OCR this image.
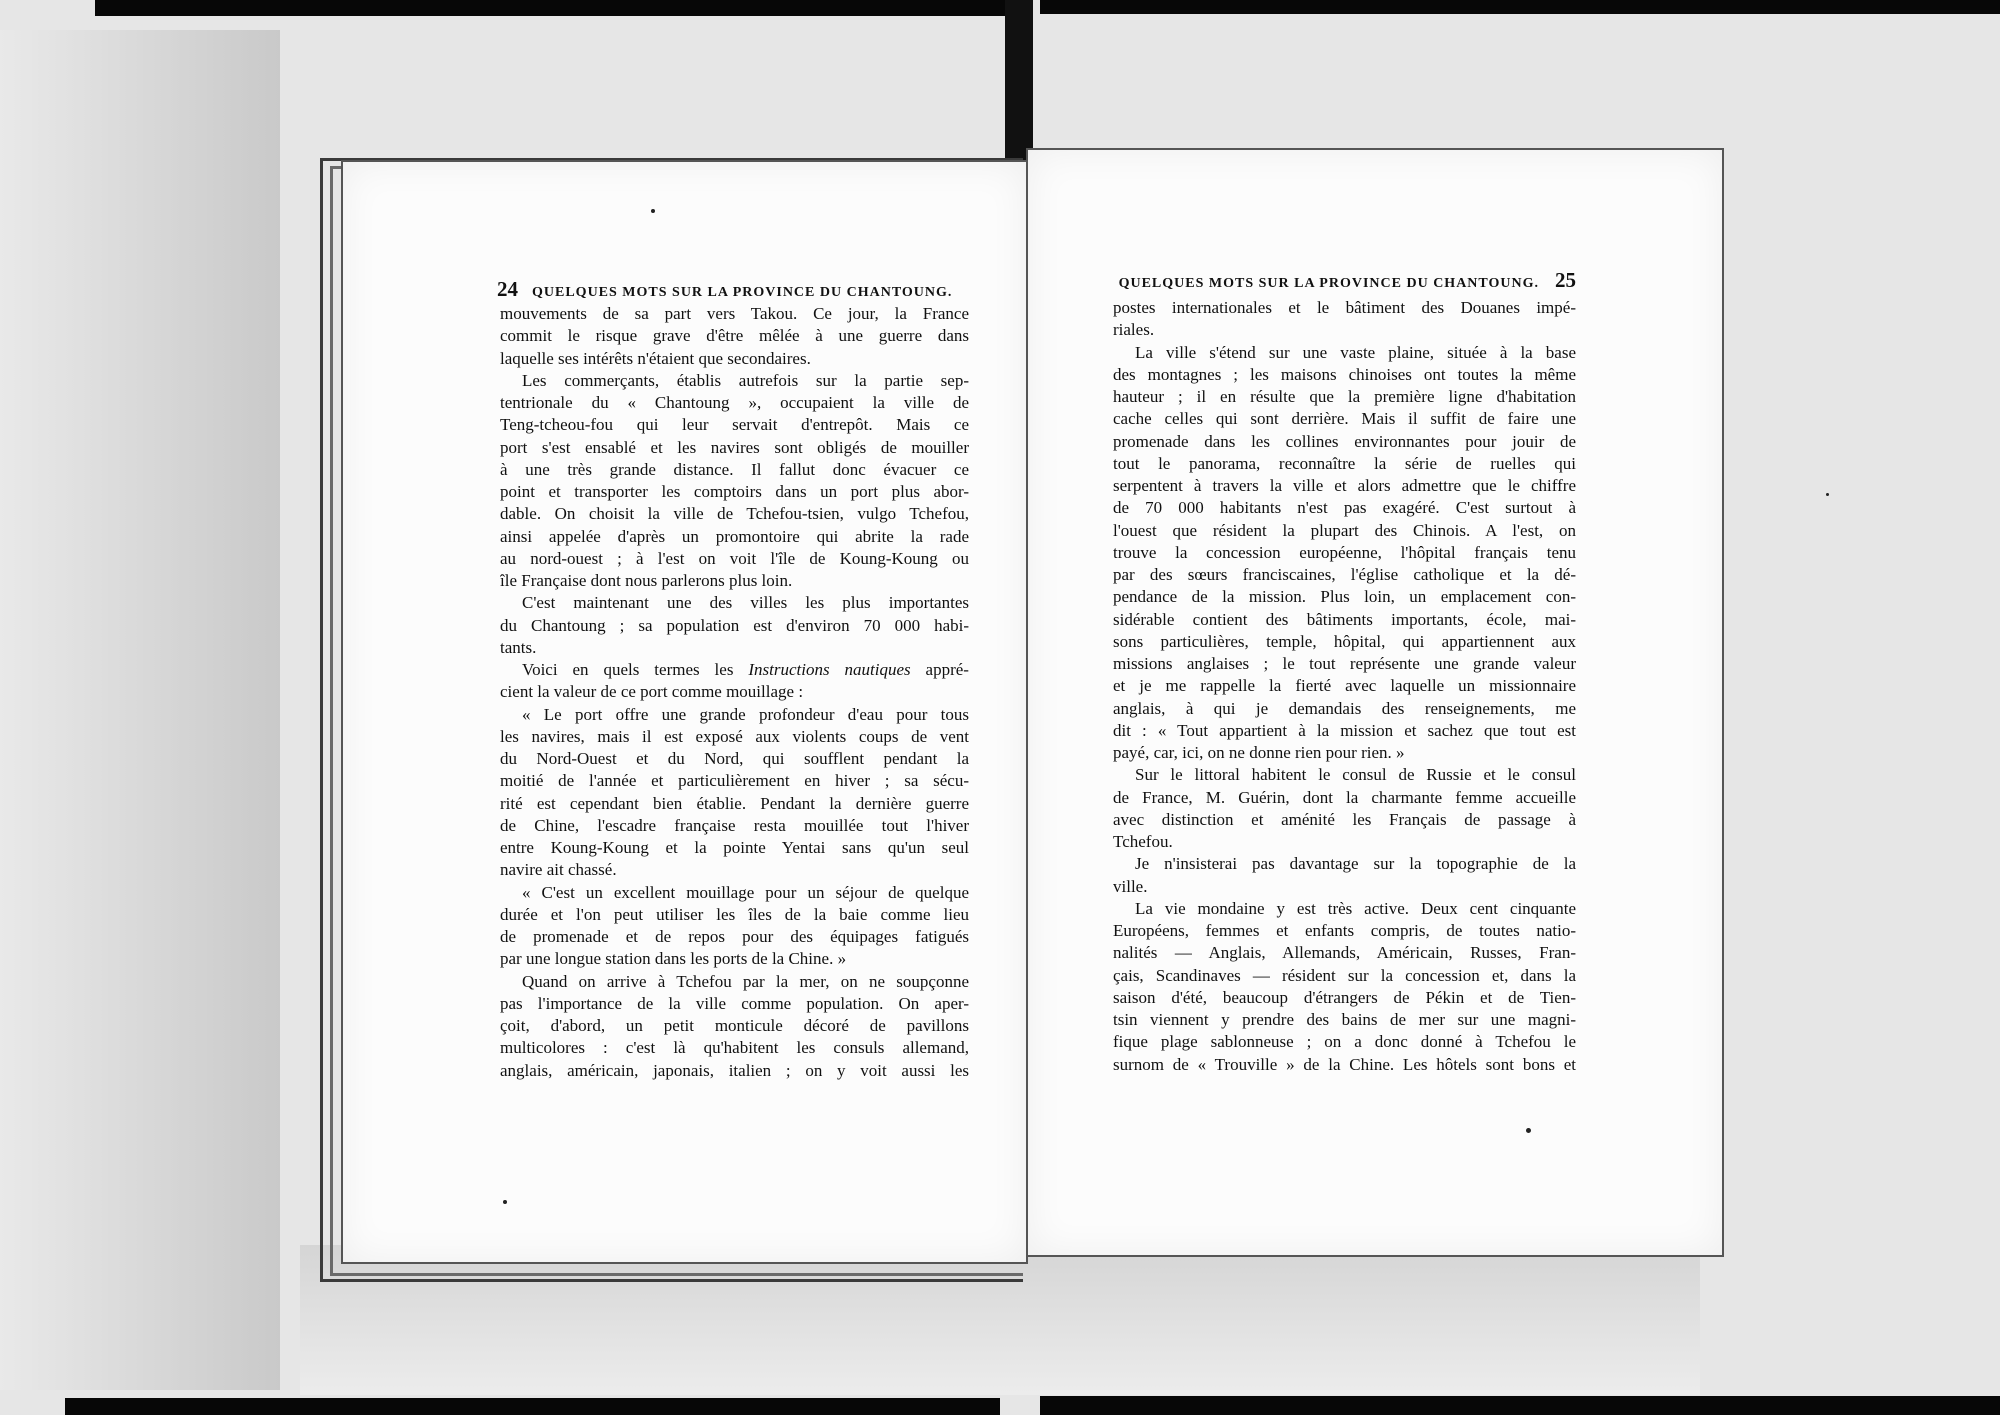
24 QUELQUES MOTS SUR LA PROVINCE DU CHANTOUNG.
mouvements de sa part vers Takou. Ce jour, la France
commit le risque grave d'être mêlée à une guerre dans
laquelle ses intérêts n'étaient que secondaires.
Les commerçants, établis autrefois sur la partie sep-
tentrionale du « Chantoung », occupaient la ville de
Teng-tcheou-fou qui leur servait d'entrepôt. Mais ce
port s'est ensablé et les navires sont obligés de mouiller
à une très grande distance. Il fallut donc évacuer ce
point et transporter les comptoirs dans un port plus abor-
dable. On choisit la ville de Tchefou-tsien, vulgo Tchefou,
ainsi appelée d'après un promontoire qui abrite la rade
au nord-ouest ; à l'est on voit l'île de Koung-Koung ou
île Française dont nous parlerons plus loin.
C'est maintenant une des villes les plus importantes
du Chantoung ; sa population est d'environ 70 000 habi-
tants.
Voici en quels termes les Instructions nautiques appré-
cient la valeur de ce port comme mouillage :
« Le port offre une grande profondeur d'eau pour tous
les navires, mais il est exposé aux violents coups de vent
du Nord-Ouest et du Nord, qui soufflent pendant la
moitié de l'année et particulièrement en hiver ; sa sécu-
rité est cependant bien établie. Pendant la dernière guerre
de Chine, l'escadre française resta mouillée tout l'hiver
entre Koung-Koung et la pointe Yentai sans qu'un seul
navire ait chassé.
« C'est un excellent mouillage pour un séjour de quelque
durée et l'on peut utiliser les îles de la baie comme lieu
de promenade et de repos pour des équipages fatigués
par une longue station dans les ports de la Chine. »
Quand on arrive à Tchefou par la mer, on ne soupçonne
pas l'importance de la ville comme population. On aper-
çoit, d'abord, un petit monticule décoré de pavillons
multicolores : c'est là qu'habitent les consuls allemand,
anglais, américain, japonais, italien ; on y voit aussi les
QUELQUES MOTS SUR LA PROVINCE DU CHANTOUNG. 25
postes internationales et le bâtiment des Douanes impé-
riales.
La ville s'étend sur une vaste plaine, située à la base
des montagnes ; les maisons chinoises ont toutes la même
hauteur ; il en résulte que la première ligne d'habitation
cache celles qui sont derrière. Mais il suffit de faire une
promenade dans les collines environnantes pour jouir de
tout le panorama, reconnaître la série de ruelles qui
serpentent à travers la ville et alors admettre que le chiffre
de 70 000 habitants n'est pas exagéré. C'est surtout à
l'ouest que résident la plupart des Chinois. A l'est, on
trouve la concession européenne, l'hôpital français tenu
par des sœurs franciscaines, l'église catholique et la dé-
pendance de la mission. Plus loin, un emplacement con-
sidérable contient des bâtiments importants, école, mai-
sons particulières, temple, hôpital, qui appartiennent aux
missions anglaises ; le tout représente une grande valeur
et je me rappelle la fierté avec laquelle un missionnaire
anglais, à qui je demandais des renseignements, me
dit : « Tout appartient à la mission et sachez que tout est
payé, car, ici, on ne donne rien pour rien. »
Sur le littoral habitent le consul de Russie et le consul
de France, M. Guérin, dont la charmante femme accueille
avec distinction et aménité les Français de passage à
Tchefou.
Je n'insisterai pas davantage sur la topographie de la
ville.
La vie mondaine y est très active. Deux cent cinquante
Européens, femmes et enfants compris, de toutes natio-
nalités — Anglais, Allemands, Américain, Russes, Fran-
çais, Scandinaves — résident sur la concession et, dans la
saison d'été, beaucoup d'étrangers de Pékin et de Tien-
tsin viennent y prendre des bains de mer sur une magni-
fique plage sablonneuse ; on a donc donné à Tchefou le
surnom de « Trouville » de la Chine. Les hôtels sont bons et
